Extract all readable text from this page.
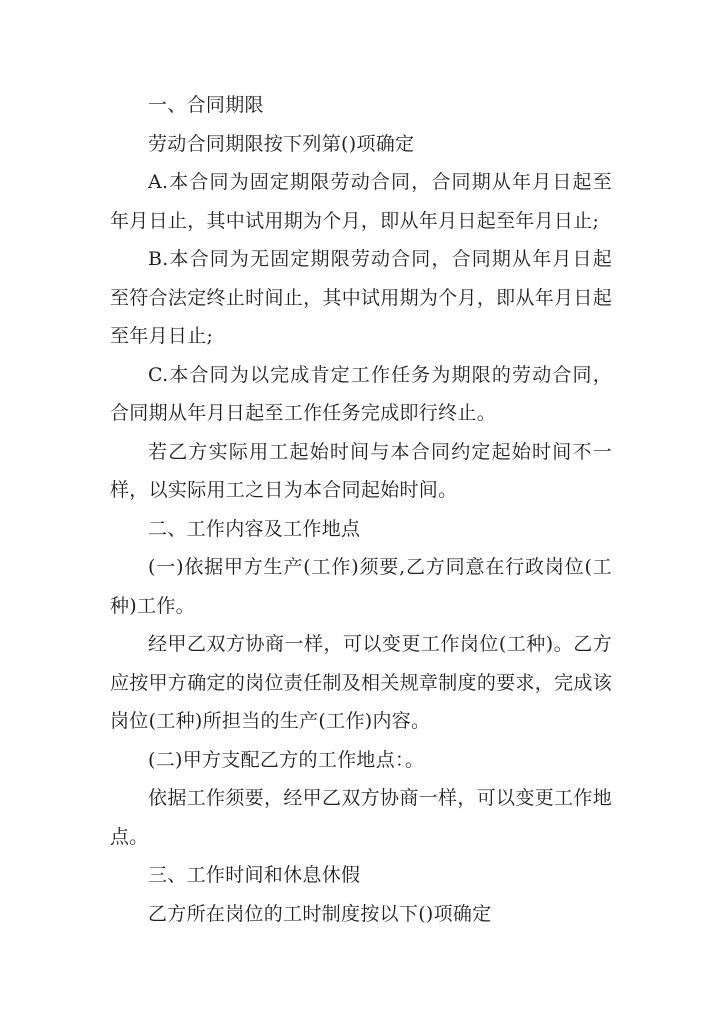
一、合同期限

劳动合同期限按下列第()项确定

A.本合同为固定期限劳动合同，合同期从年月日起至年月日止，其中试用期为个月，即从年月日起至年月日止;

B.本合同为无固定期限劳动合同，合同期从年月日起至符合法定终止时间止，其中试用期为个月，即从年月日起至年月日止;

C.本合同为以完成肯定工作任务为期限的劳动合同，合同期从年月日起至工作任务完成即行终止。

若乙方实际用工起始时间与本合同约定起始时间不一样，以实际用工之日为本合同起始时间。

二、工作内容及工作地点

(一)依据甲方生产(工作)须要,乙方同意在行政岗位(工种)工作。

经甲乙双方协商一样，可以变更工作岗位(工种)。乙方应按甲方确定的岗位责任制及相关规章制度的要求，完成该岗位(工种)所担当的生产(工作)内容。

(二)甲方支配乙方的工作地点：。

依据工作须要，经甲乙双方协商一样，可以变更工作地点。

三、工作时间和休息休假

乙方所在岗位的工时制度按以下()项确定
